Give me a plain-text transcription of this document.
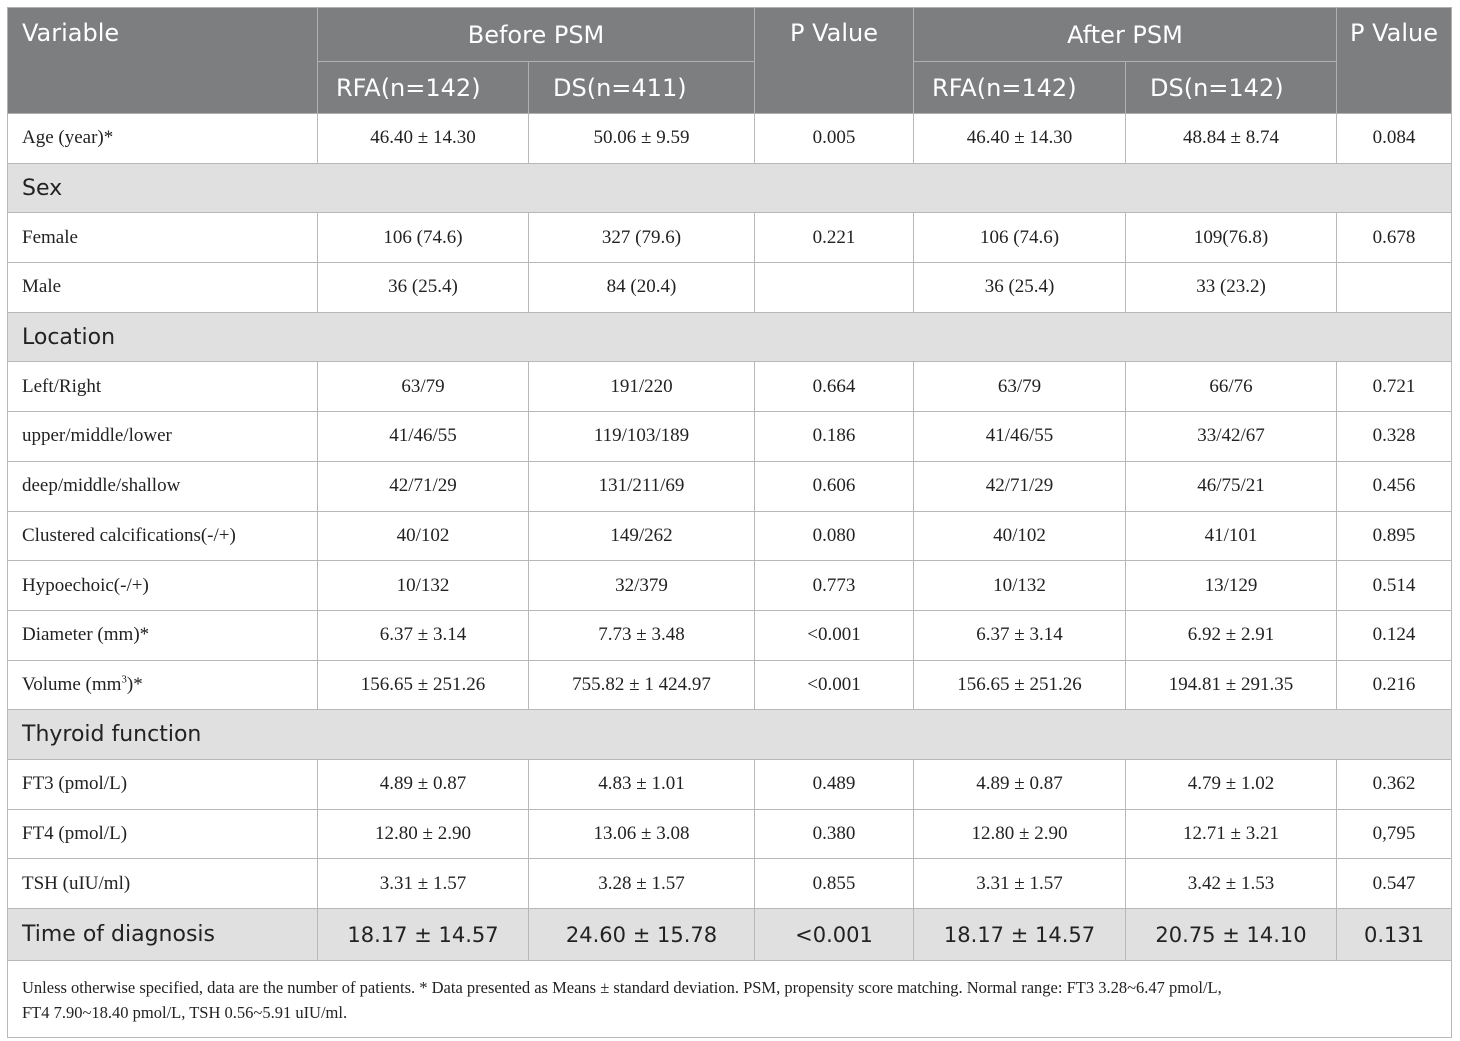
Variable	Before PSM		P Value	After PSM		P Value
	RFA(n=142)	DS(n=411)		RFA(n=142)	DS(n=142)	
Age (year)*	46.40 ± 14.30	50.06 ± 9.59	0.005	46.40 ± 14.30	48.84 ± 8.74	0.084
Sex						
Female	106 (74.6)	327 (79.6)	0.221	106 (74.6)	109(76.8)	0.678
Male	36 (25.4)	84 (20.4)		36 (25.4)	33 (23.2)	
Location						
Left/Right	63/79	191/220	0.664	63/79	66/76	0.721
upper/middle/lower	41/46/55	119/103/189	0.186	41/46/55	33/42/67	0.328
deep/middle/shallow	42/71/29	131/211/69	0.606	42/71/29	46/75/21	0.456
Clustered calcifications(-/+)	40/102	149/262	0.080	40/102	41/101	0.895
Hypoechoic(-/+)	10/132	32/379	0.773	10/132	13/129	0.514
Diameter (mm)*	6.37 ± 3.14	7.73 ± 3.48	<0.001	6.37 ± 3.14	6.92 ± 2.91	0.124
Volume $(mm^3)*$	156.65 ± 251.26	755.82 ± 1 424.97	<0.001	156.65 ± 251.26	194.81 ± 291.35	0.216
Thyroid function						
FT3 (pmol/L)	4.89 ± 0.87	4.83 ± 1.01	0.489	4.89 ± 0.87	4.79 ± 1.02	0.362
FT4 (pmol/L)	12.80 ± 2.90	13.06 ± 3.08	0.380	12.80 ± 2.90	12.71 ± 3.21	0,795
TSH (uIU/ml)	3.31 ± 1.57	3.28 ± 1.57	0.855	3.31 ± 1.57	3.42 ± 1.53	0.547
Time of diagnosis	18.17 ± 14.57	24.60 ± 15.78	<0.001	18.17 ± 14.57	20.75 ± 14.10	0.131
Unless otherwise specified, data are the number of patients. * Data presented as Means ± standard deviation. PSM, propensity score matching. Normal range: FT3 3.28~6.47 pmol/L,
FT4 7.90~18.40 pmol/L, TSH 0.56~5.91 uIU/ml.						
